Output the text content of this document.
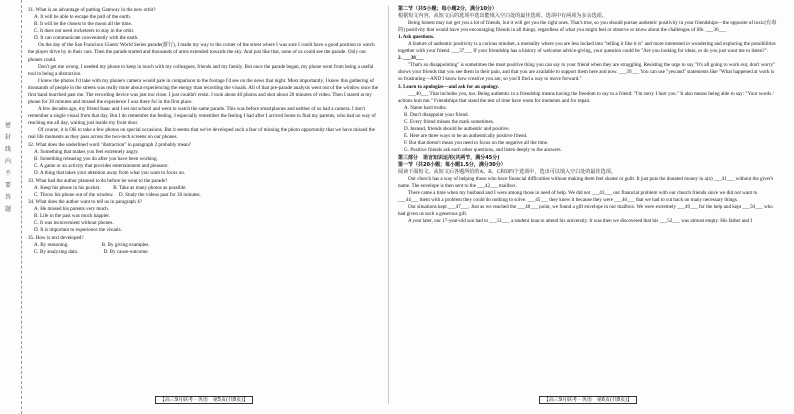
密封线内不要答题

31. What is an advantage of putting Gateway in the new orbit?

A. It will be able to escape the pull of the earth.

B. It will be the closest to the moon all the time.

C. It does not need rocketeers to stay in the orbit.

D. It can communicate conveniently with the earth.

On the day of the San Francisco Giants' World Series parade(游行), I made my way to the corner of the street where I was sure I could have a good position to watch the player drive by in their cars. Then the parade started and thousands of arms extended towards the sky. And just like that, none of us could see the parade. Only our phones could.

Don't get me wrong. I needed my phone to keep in touch with my colleagues, friends and my family. But once the parade began, my phone went from being a useful tool to being a distraction.

I knew the photos I'd take with my phone's camera would pale in comparison to the footage I'd see on the news that night. Most importantly, I knew this gathering of thousands of people in the streets was really more about experiencing the energy than recording the visuals. All of that pre-parade analysis went out of the window once the first band marched past me. The recording device was just too close. I just couldn't resist. I took about 40 photos and shot about 20 minutes of video. Then I stared at my phone for 30 minutes and missed the experience I was there for in the first place.

A few decades ago, my friend Isaac and I set out school and went to watch the same parade. This was before smartphones and neither of us had a camera. I don't remember a single visual from that day. But I do remember the feeling. I especially remember the feeling I had after I arrived home to find my parents, who had no way of reaching me all day, waiting just inside my front door.

Of course, it is OK to take a few photos on special occasions. But it seems that we've developed such a fear of missing the photo opportunity that we have missed the real life moments as they pass across the two-inch screens on our phones.

32. What does the underlined word "distraction" in paragraph 2 probably mean?

A. Something that makes you feel extremely angry.

B. Something releasing you do after you have been working.

C. A game or an activity that provides entertainment and pleasure.

D. A thing that takes your attention away from what you want to focus on.

33. What had the author planned to do before he went to the parade?

A. Keep his phone in his pocket.          B. Take as many photos as possible.

C. Throw his phone out of the window.    D. Study the videos past for 30 minutes.

34. What does the author want to tell us in paragraph 4?

A. He missed his parents very much.

B. Life in the past was much happier.

C. It was inconvenient without phones.

D. It is important to experience the visuals.

35. How is text developed?

A. By reasoning.                          B. By giving examples.

C. By analyzing data.                    D. By cause-outcome.

【高三9月联考 · 英语　第5页(共8页)】

第二节（共5小题；每小题2分，满分10分）

根据短文内容，从短文后的选项中选出能填入空白处的最佳选项。选项中有两项为多余选项。

Being honest may not get you a lot of friends, but it will get you the right ones. That's true, so you should pursue authentic positivity in your friendships—the opposite of toxic(有毒的) positivity that would have you encouraging friends in all things, regardless of what you might feel or observe or know about the challenges of life. ___36___

1. Ask questions.

A feature of authentic positivity is a curious mindset, a mentality where you are less locked into "telling it like it is" and more interested in wondering and exploring the possibilities together with your friend. ___37___ If your friendship has a history of welcome advice-giving, your question could be "Are you looking for ideas, or do you just want me to listen?".

2. ___38___

"That's so disappointing" is sometimes the most positive thing you can say to your friend when they are struggling. Resisting the urge to say "It's all going to work out, don't worry" shows your friends that you see them in their pain, and that you are available to support them here and now. ___39___ You can use "yes/and" statements like "What happened at work is so frustrating—AND I know how creative you are, so you'll find a way to move forward."

3. Learn to apologize—and ask for an apology.

___40___ That includes you, too. Being authentic in a friendship means having the freedom to say to a friend: "I'm sorry I hurt you." It also means being able to say: "Your words / actions hurt me." Friendships that stand the test of time have room for moments and for repair.

A. Name hard truths.

B. Don't disappoint your friend.

C. Every friend misses the mark sometimes.

D. Instead, friends should be authentic and positive.

E. Here are three ways to be an authentically positive friend.

F. But that doesn't mean you need to focus on the negative all the time.

G. Positive friends ask each other questions, and listen deeply to the answers.

第三部分　语言知识运用(共两节，满分45分)

第一节（共20小题；每小题1.5分，满分30分）

阅读下面短文，从短文后各题所给的A、B、C和D四个选项中，选出可以填入空白处的最佳选项。

Our church has a way of helping those who have financial difficulties without making them feel shame or guilt. It just puts the donated money in a(n) ___41___ without the giver's name. The envelope is then sent to the ___42___ mailbox.

There came a time when my husband and I were among those in need of help. We did not ___43___ our financial problem with our church friends since we did not want to ___44___ them with a problem they could do nothing to solve. ___45___ they knew it because they were ___46___ that we had to cut back on many necessary things.

Our situations kept ___47___. Just as we reached the ___48___ point, we found a gift envelope in our mailbox. We were extremely ___49___ for the help and kept ___50___ who had given us such a generous gift.

A year later, our 17-year-old son had to ___51___ a student loan to attend his university. It was then we discovered that his ___52___ was almost empty. His father and I

【高三9月联考 · 英语　第6页(共8页)】
